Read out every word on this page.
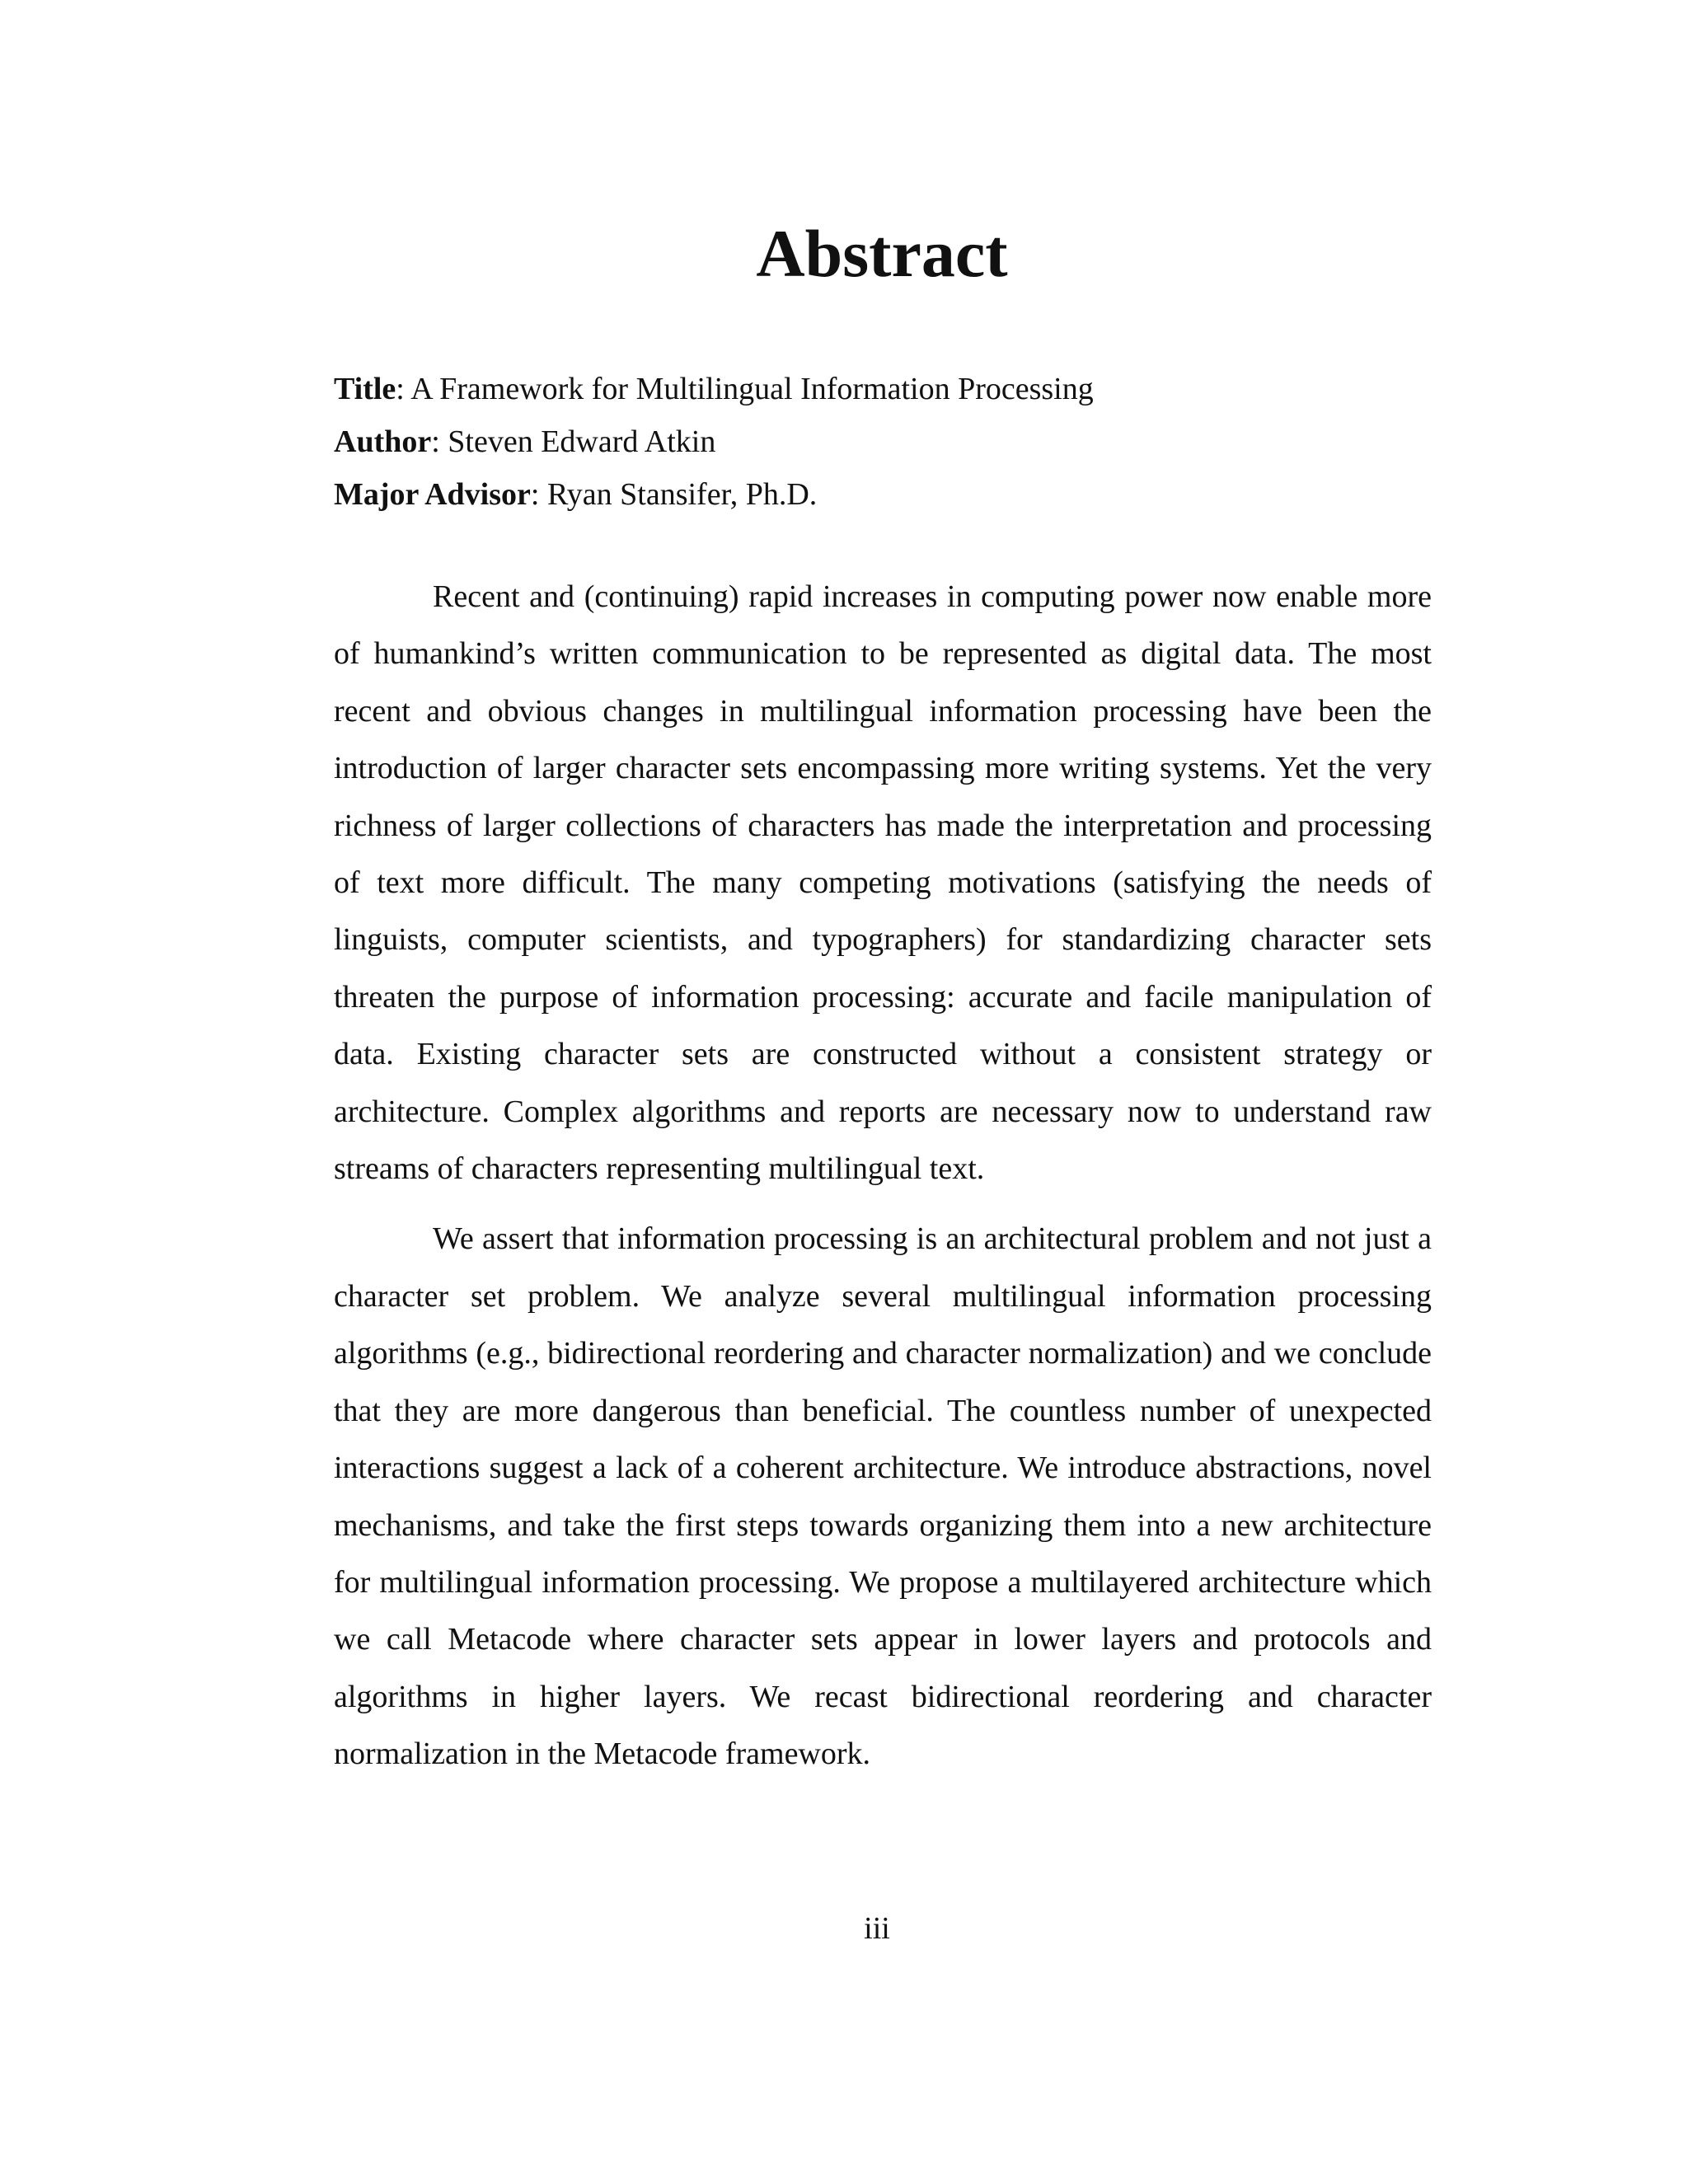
Abstract
Title: A Framework for Multilingual Information Processing
Author: Steven Edward Atkin
Major Advisor: Ryan Stansifer, Ph.D.

Recent and (continuing) rapid increases in computing power now enable more of humankind’s written communication to be represented as digital data. The most recent and obvious changes in multilingual information processing have been the introduction of larger character sets encompassing more writing systems. Yet the very richness of larger collections of characters has made the interpretation and processing of text more difficult. The many competing motivations (satisfying the needs of linguists, computer scientists, and typographers) for standardizing character sets threaten the purpose of information processing: accurate and facile manipulation of data. Existing character sets are constructed without a consistent strategy or architecture. Complex algorithms and reports are necessary now to understand raw streams of characters representing multilingual text.

We assert that information processing is an architectural problem and not just a character set problem. We analyze several multilingual information processing algorithms (e.g., bidirectional reordering and character normalization) and we conclude that they are more dangerous than beneficial. The countless number of unexpected interactions suggest a lack of a coherent architecture. We introduce abstractions, novel mechanisms, and take the first steps towards organizing them into a new architecture for multilingual information processing. We propose a multilayered architecture which we call Metacode where character sets appear in lower layers and protocols and algorithms in higher layers. We recast bidirectional reordering and character normalization in the Metacode framework.

iii
